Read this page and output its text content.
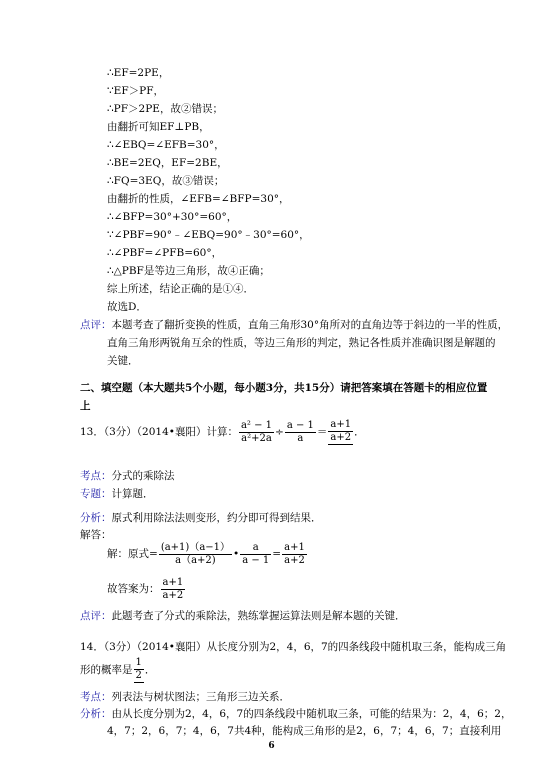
∴EF=2PE，
∵EF＞PF，
∴PF＞2PE，故②错误；
由翻折可知EF⊥PB，
∴∠EBQ=∠EFB=30°，
∴BE=2EQ，EF=2BE，
∴FQ=3EQ，故③错误；
由翻折的性质，∠EFB=∠BFP=30°，
∴∠BFP=30°+30°=60°，
∵∠PBF=90°﹣∠EBQ=90°﹣30°=60°，
∴∠PBF=∠PFB=60°，
∴△PBF是等边三角形，故④正确；
综上所述，结论正确的是①④．
故选D．
点评：本题考查了翻折变换的性质，直角三角形30°角所对的直角边等于斜边的一半的性质，
直角三角形两锐角互余的性质，等边三角形的判定，熟记各性质并准确识图是解题的
关键．
二、填空题（本大题共5个小题，每小题3分，共15分）请把答案填在答题卡的相应位置
上
13．（3分）（2014•襄阳）计算： $\frac{\text{a² − 1}}{\text{a²+2a}} \div \frac{a - 1}{a} = \frac{a+1}{a+2}$ ．
考点：分式的乘除法
专题：计算题．
分析：原式利用除法法则变形，约分即可得到结果．
解答：
解：原式= $\frac{(a+1)(a-1)}{a(a+2)}$ • $\frac{a}{a - 1} = \frac{a+1}{a+2}$
故答案为： $\frac{a+1}{a+2}$
点评：此题考查了分式的乘除法，熟练掌握运算法则是解本题的关键．
14．（3分）（2014•襄阳）从长度分别为2，4，6，7的四条线段中随机取三条，能构成三角
形的概率是 $\frac{1}{2}$ ．
考点：列表法与树状图法；三角形三边关系．
分析：由从长度分别为2，4，6，7的四条线段中随机取三条，可能的结果为：2，4，6；2，
4，7；2，6，7；4，6，7共4种，能构成三角形的是2，6，7；4，6，7；直接利用
6
